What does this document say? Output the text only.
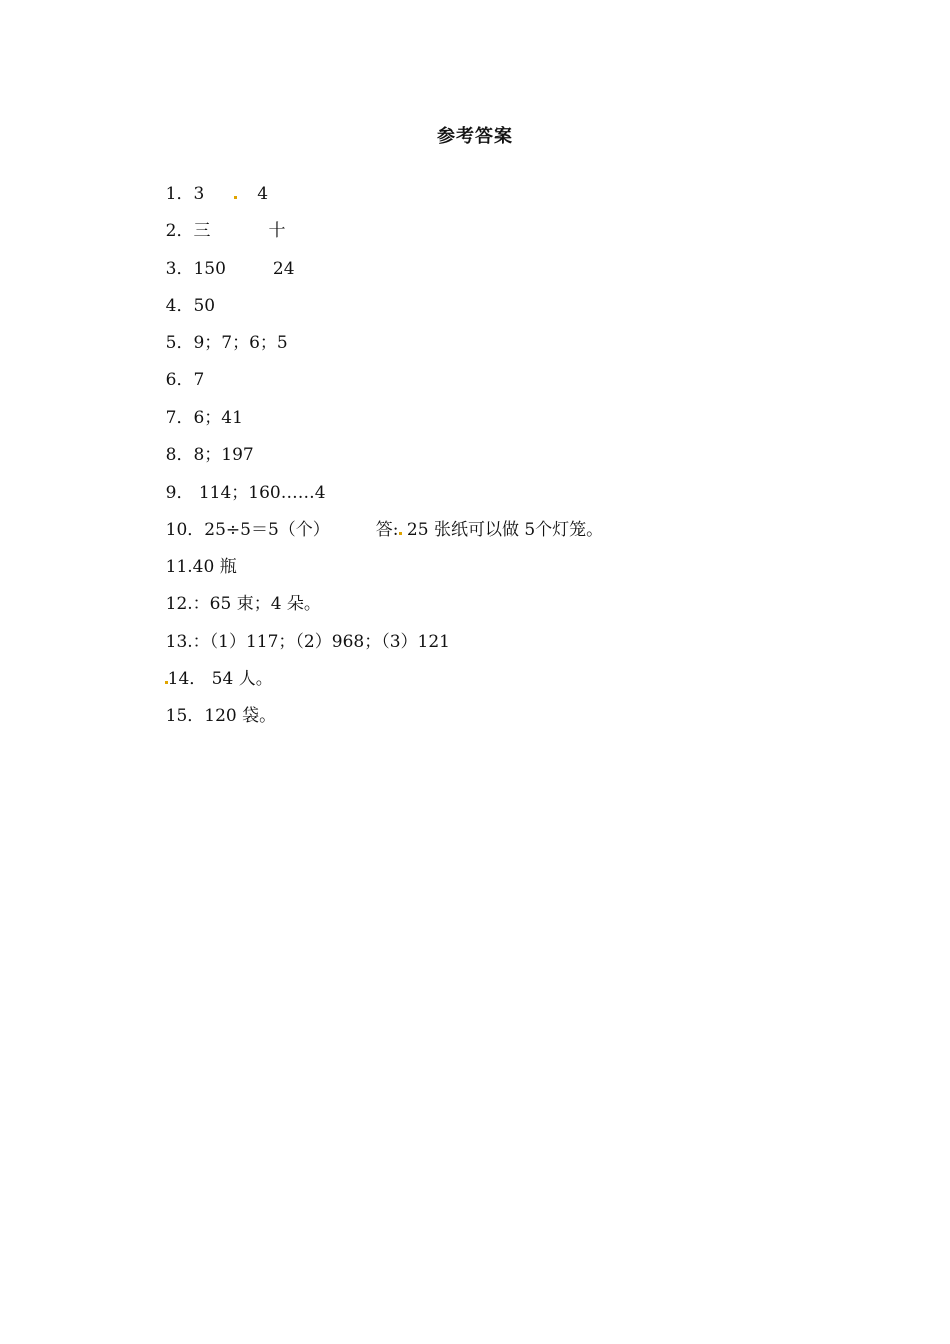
参考答案

1．3	4

2．三	十

3．150	24

4．50

5．9；7；6；5

6．7

7．6；41

8．8；197

9． 114；160……4

10．25÷5＝5（个）	答: 25 张纸可以做 5个灯笼。

11.40 瓶

12.：65 束；4 朵。

13.：（1）117；（2）968；（3）121

14． 54 人。

15．120 袋。
